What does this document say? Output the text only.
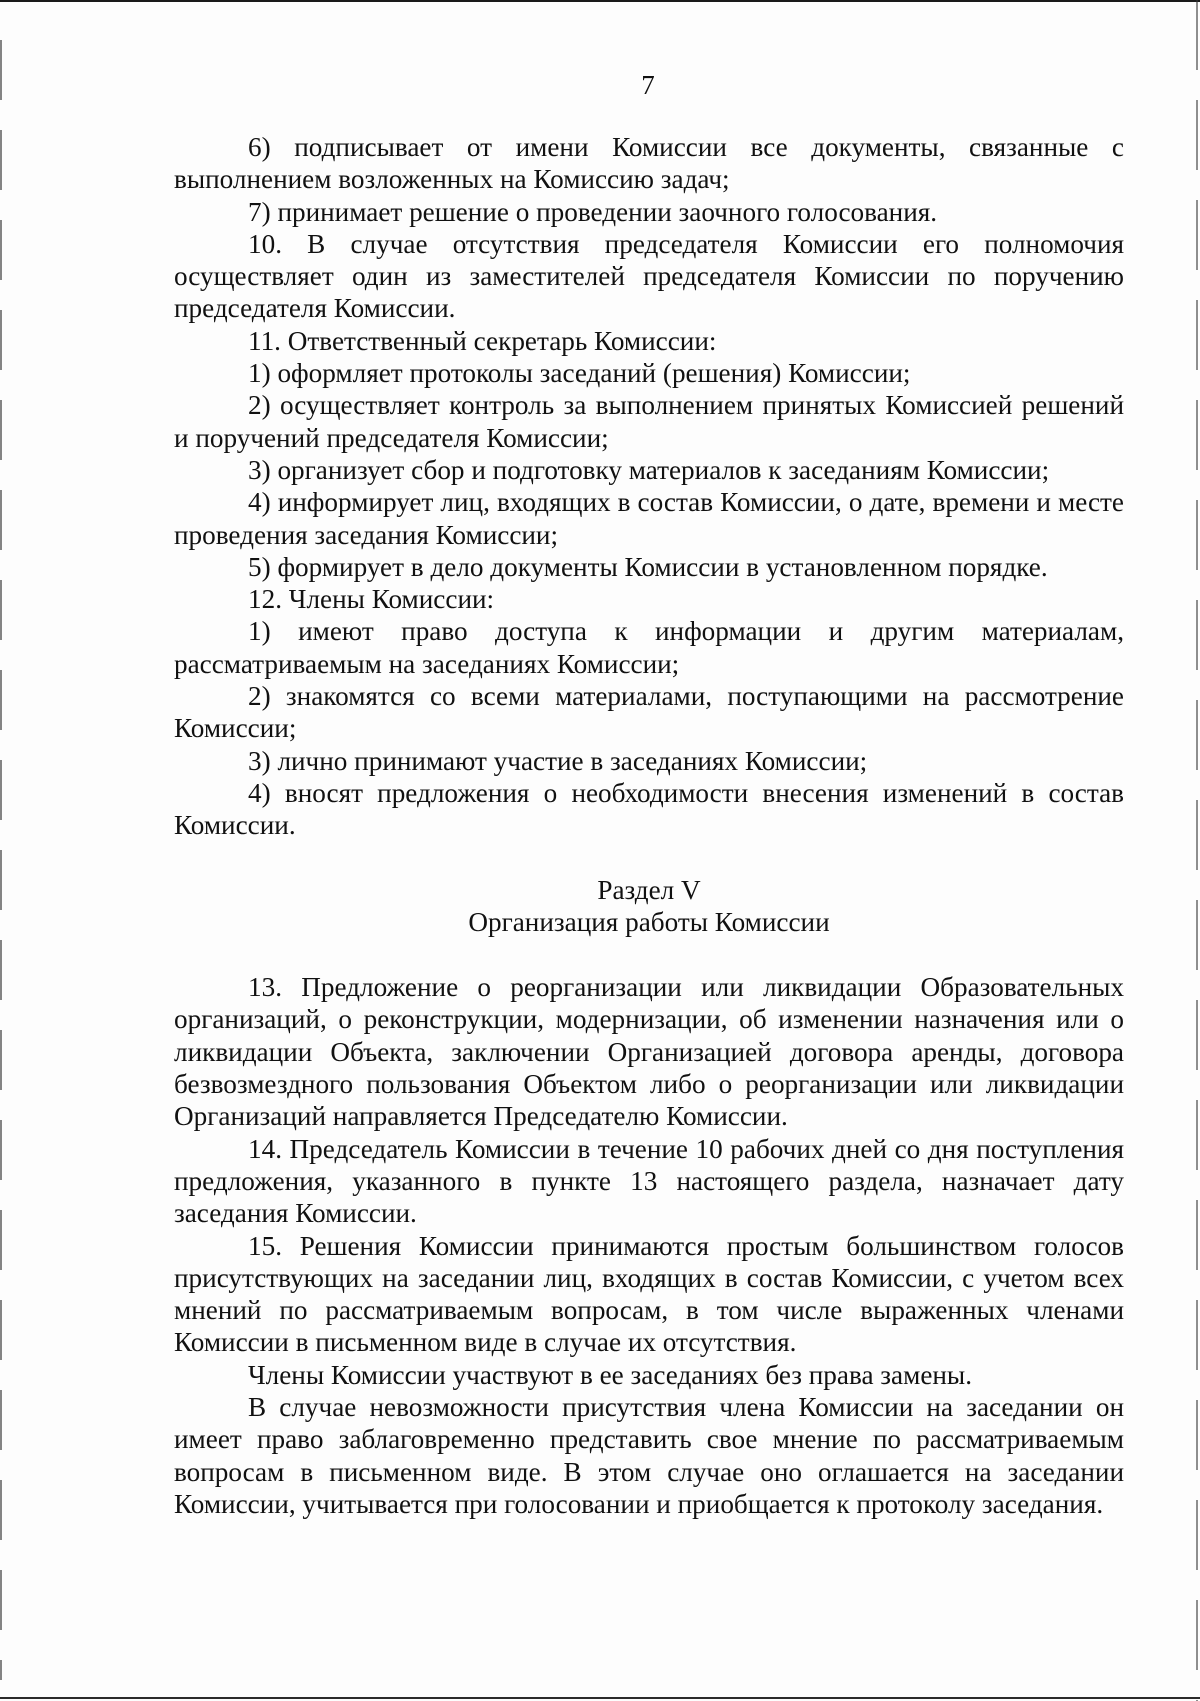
7

6) подписывает от имени Комиссии все документы, связанные с выполнением возложенных на Комиссию задач;

7) принимает решение о проведении заочного голосования.

10. В случае отсутствия председателя Комиссии его полномочия осуществляет один из заместителей председателя Комиссии по поручению председателя Комиссии.

11. Ответственный секретарь Комиссии:

1) оформляет протоколы заседаний (решения) Комиссии;

2) осуществляет контроль за выполнением принятых Комиссией решений и поручений председателя Комиссии;

3) организует сбор и подготовку материалов к заседаниям Комиссии;

4) информирует лиц, входящих в состав Комиссии, о дате, времени и месте проведения заседания Комиссии;

5) формирует в дело документы Комиссии в установленном порядке.

12. Члены Комиссии:

1) имеют право доступа к информации и другим материалам, рассматриваемым на заседаниях Комиссии;

2) знакомятся со всеми материалами, поступающими на рассмотрение Комиссии;

3) лично принимают участие в заседаниях Комиссии;

4) вносят предложения о необходимости внесения изменений в состав Комиссии.

Раздел V

Организация работы Комиссии

13. Предложение о реорганизации или ликвидации Образовательных организаций, о реконструкции, модернизации, об изменении назначения или о ликвидации Объекта, заключении Организацией договора аренды, договора безвозмездного пользования Объектом либо о реорганизации или ликвидации Организаций направляется Председателю Комиссии.

14. Председатель Комиссии в течение 10 рабочих дней со дня поступления предложения, указанного в пункте 13 настоящего раздела, назначает дату заседания Комиссии.

15. Решения Комиссии принимаются простым большинством голосов присутствующих на заседании лиц, входящих в состав Комиссии, с учетом всех мнений по рассматриваемым вопросам, в том числе выраженных членами Комиссии в письменном виде в случае их отсутствия.

Члены Комиссии участвуют в ее заседаниях без права замены.

В случае невозможности присутствия члена Комиссии на заседании он имеет право заблаговременно представить свое мнение по рассматриваемым вопросам в письменном виде. В этом случае оно оглашается на заседании Комиссии, учитывается при голосовании и приобщается к протоколу заседания.
